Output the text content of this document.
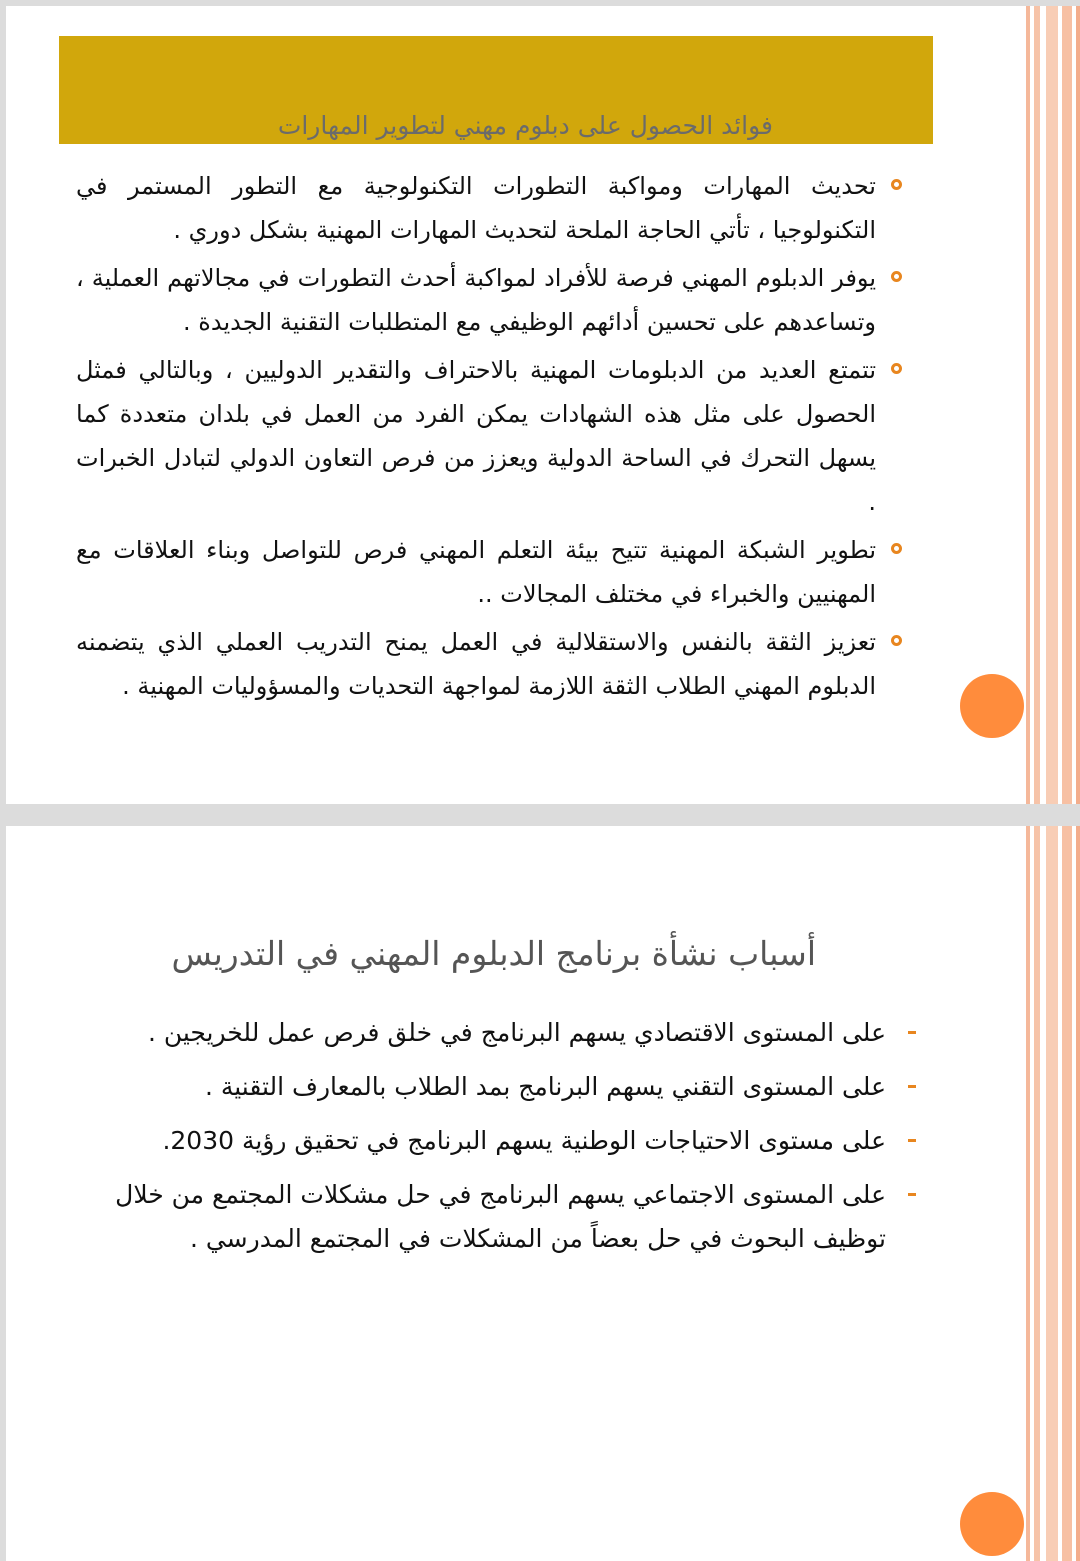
فوائد الحصول على دبلوم مهني لتطوير المهارات
تحديث المهارات ومواكبة التطورات التكنولوجية مع التطور المستمر في التكنولوجيا ، تأتي الحاجة الملحة لتحديث المهارات المهنية بشكل دوري .
يوفر الدبلوم المهني فرصة للأفراد لمواكبة أحدث التطورات في مجالاتهم العملية ، وتساعدهم على تحسين أدائهم الوظيفي مع المتطلبات التقنية الجديدة .
تتمتع العديد من الدبلومات المهنية بالاحتراف والتقدير الدوليين ، وبالتالي فمثل الحصول على مثل هذه الشهادات يمكن الفرد من العمل في بلدان متعددة كما يسهل التحرك في الساحة الدولية ويعزز من فرص التعاون الدولي لتبادل الخبرات .
تطوير الشبكة المهنية تتيح بيئة التعلم المهني فرص للتواصل وبناء العلاقات مع المهنيين والخبراء في مختلف المجالات ..
تعزيز الثقة بالنفس والاستقلالية في العمل يمنح التدريب العملي الذي يتضمنه الدبلوم المهني الطلاب الثقة اللازمة لمواجهة التحديات والمسؤوليات المهنية .
أسباب نشأة برنامج الدبلوم المهني في التدريس
على المستوى الاقتصادي يسهم البرنامج في خلق فرص عمل للخريجين .
على المستوى التقني يسهم البرنامج بمد الطلاب بالمعارف التقنية .
على مستوى الاحتياجات الوطنية يسهم البرنامج في تحقيق رؤية 2030.
على المستوى الاجتماعي يسهم البرنامج في حل مشكلات المجتمع من خلال توظيف البحوث في حل بعضاً من المشكلات في المجتمع المدرسي .
